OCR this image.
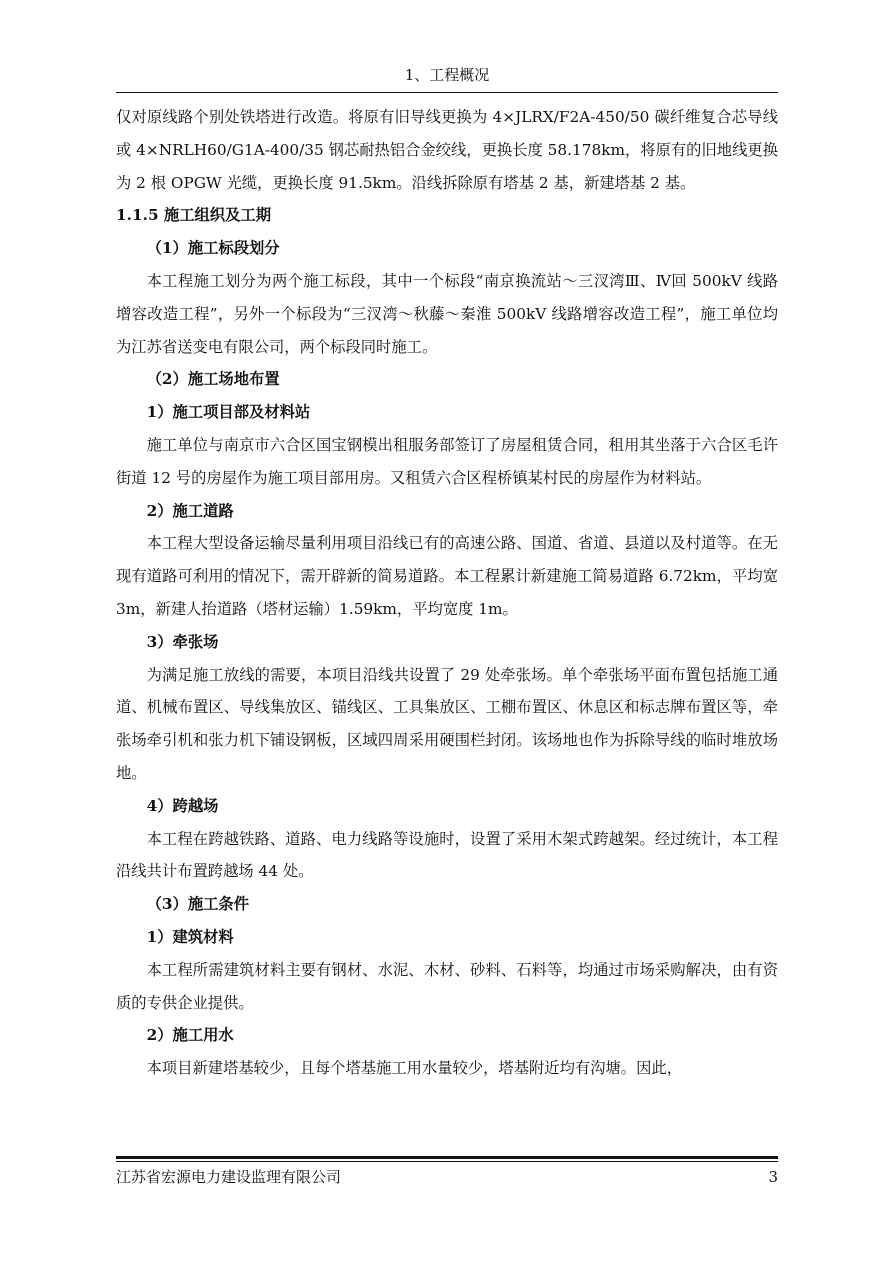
1、工程概况

仅对原线路个别处铁塔进行改造。将原有旧导线更换为 4×JLRX/F2A-450/50 碳纤维复合芯导线或 4×NRLH60/G1A-400/35 钢芯耐热铝合金绞线，更换长度 58.178km，将原有的旧地线更换为 2 根 OPGW 光缆，更换长度 91.5km。沿线拆除原有塔基 2 基，新建塔基 2 基。

1.1.5 施工组织及工期
（1）施工标段划分

本工程施工划分为两个施工标段，其中一个标段“南京换流站～三汊湾Ⅲ、Ⅳ回 500kV 线路增容改造工程”，另外一个标段为“三汊湾～秋藤～秦淮 500kV 线路增容改造工程”，施工单位均为江苏省送变电有限公司，两个标段同时施工。

（2）施工场地布置
1）施工项目部及材料站

施工单位与南京市六合区国宝钢模出租服务部签订了房屋租赁合同，租用其坐落于六合区毛许街道 12 号的房屋作为施工项目部用房。又租赁六合区程桥镇某村民的房屋作为材料站。

2）施工道路

本工程大型设备运输尽量利用项目沿线已有的高速公路、国道、省道、县道以及村道等。在无现有道路可利用的情况下，需开辟新的简易道路。本工程累计新建施工简易道路 6.72km，平均宽 3m，新建人抬道路（塔材运输）1.59km，平均宽度 1m。

3）牵张场

为满足施工放线的需要，本项目沿线共设置了 29 处牵张场。单个牵张场平面布置包括施工通道、机械布置区、导线集放区、锚线区、工具集放区、工棚布置区、休息区和标志牌布置区等，牵张场牵引机和张力机下铺设钢板，区域四周采用硬围栏封闭。该场地也作为拆除导线的临时堆放场地。

4）跨越场

本工程在跨越铁路、道路、电力线路等设施时，设置了采用木架式跨越架。经过统计，本工程沿线共计布置跨越场 44 处。

（3）施工条件
1）建筑材料

本工程所需建筑材料主要有钢材、水泥、木材、砂料、石料等，均通过市场采购解决，由有资质的专供企业提供。

2）施工用水

本项目新建塔基较少，且每个塔基施工用水量较少，塔基附近均有沟塘。因此，

江苏省宏源电力建设监理有限公司	3
